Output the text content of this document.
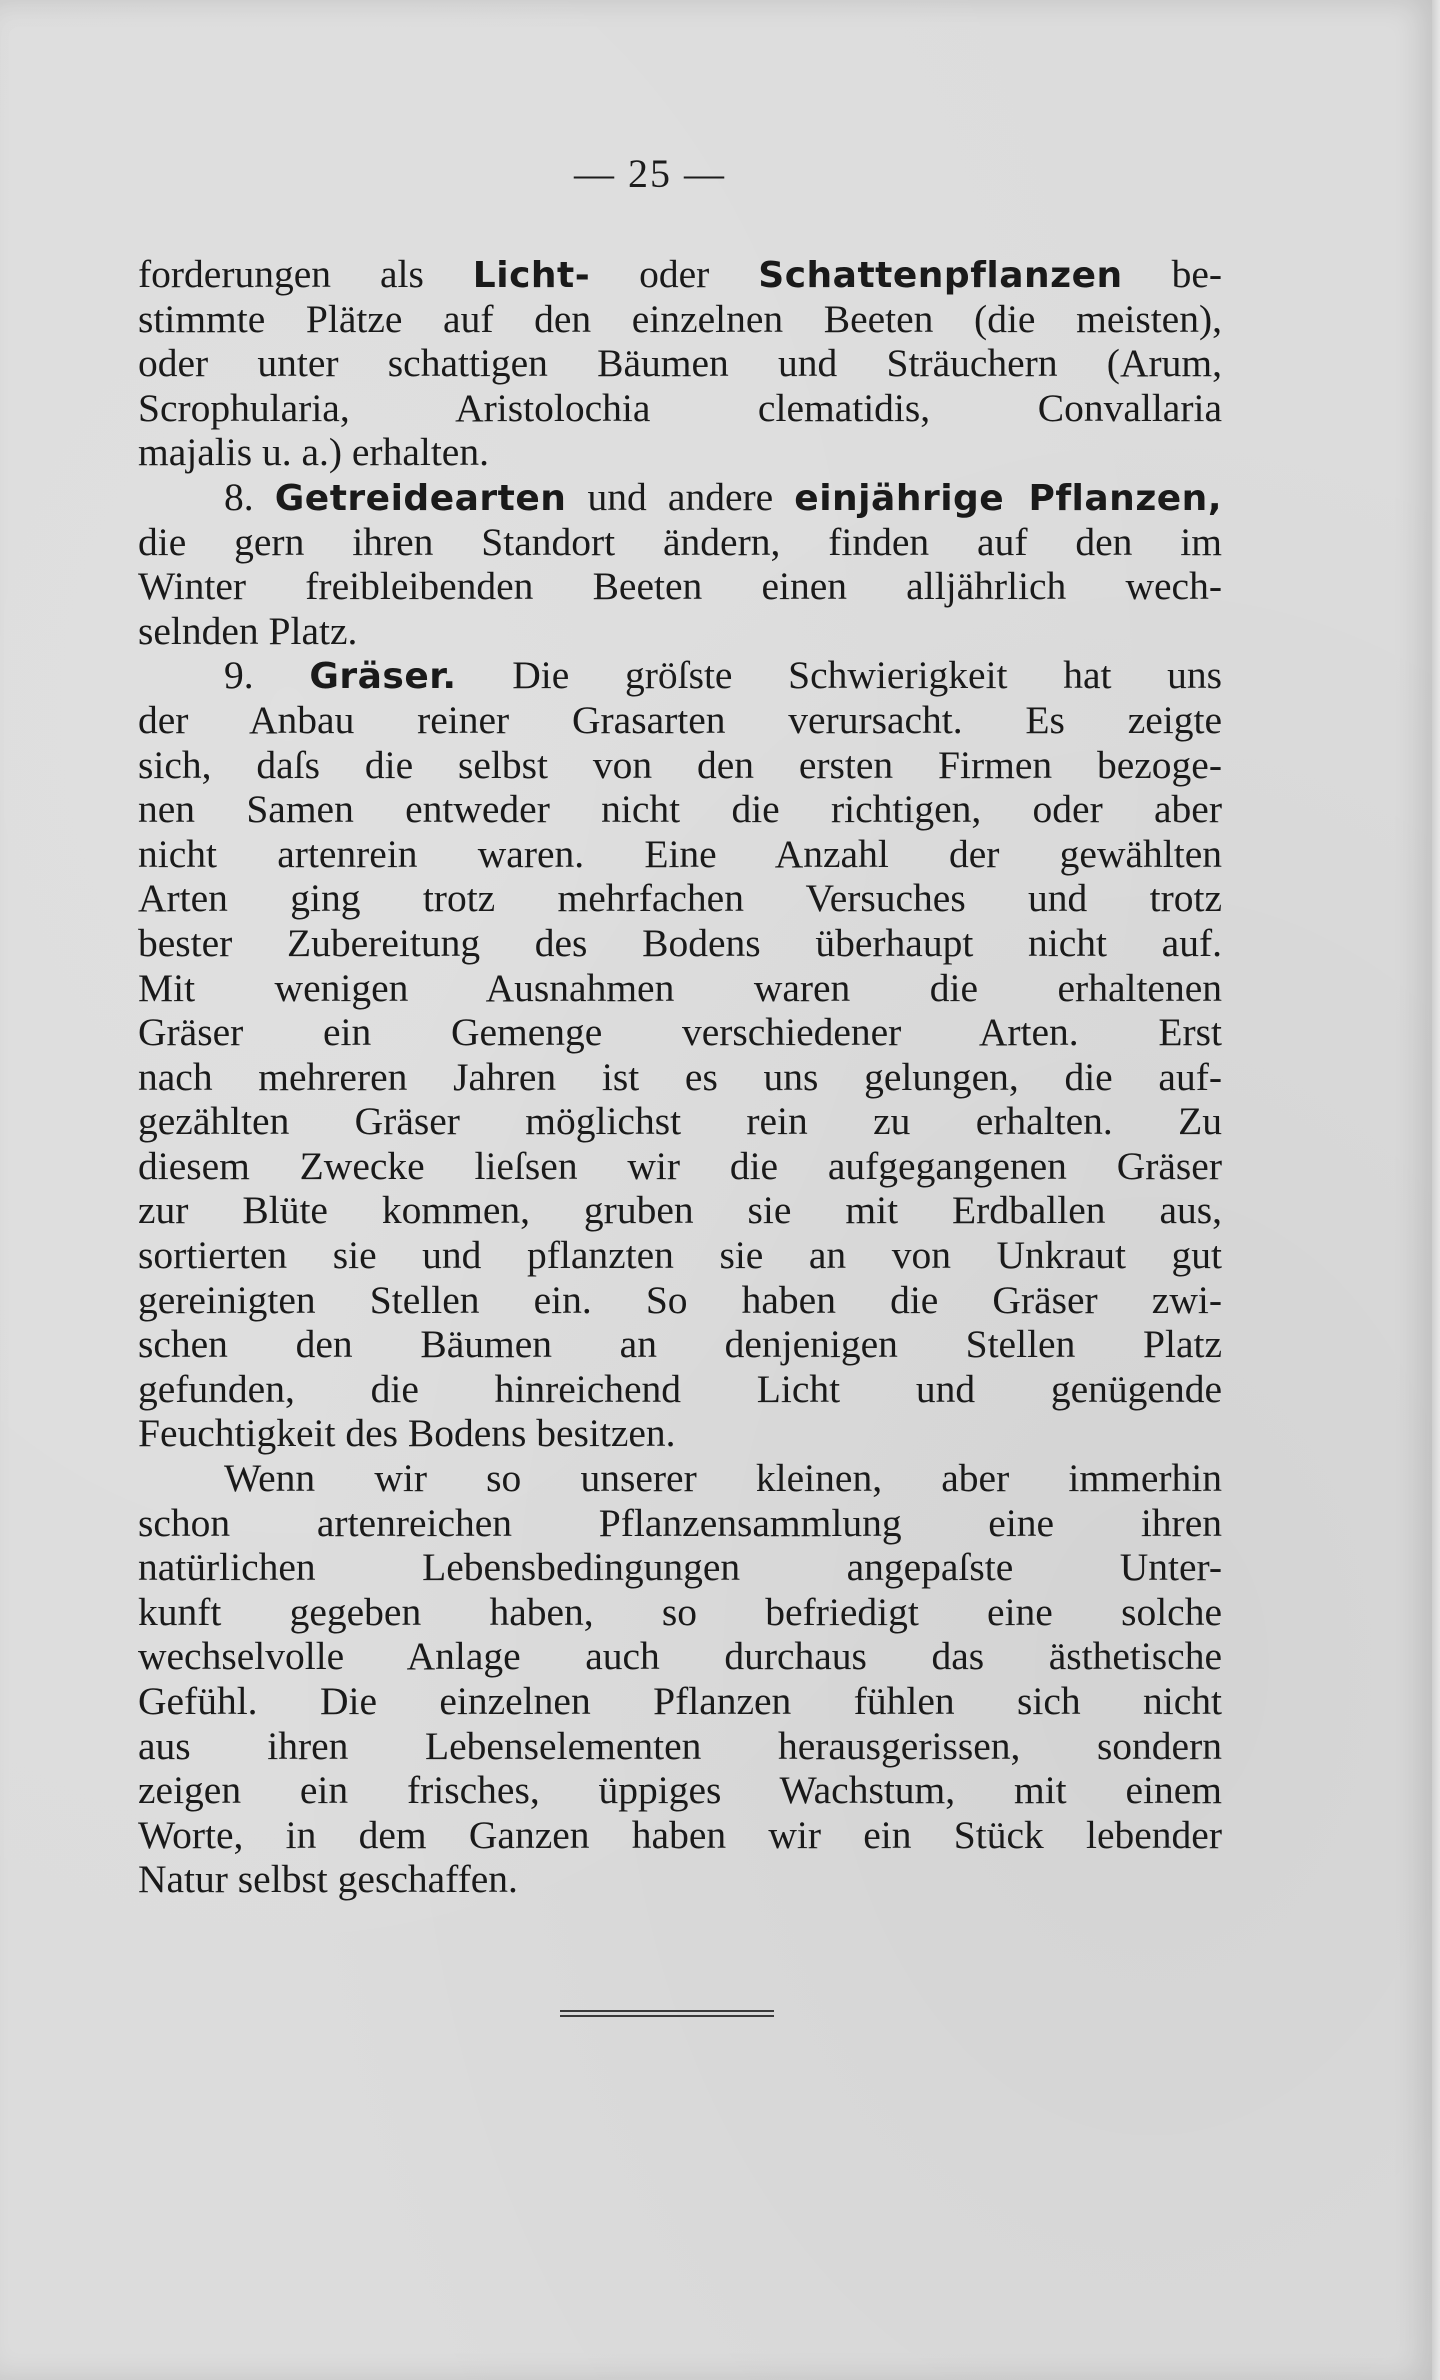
— 25 —
forderungen als Licht- oder Schattenpflanzen be-
stimmte Plätze auf den einzelnen Beeten (die meisten),
oder unter schattigen Bäumen und Sträuchern (Arum,
Scrophularia, Aristolochia clematidis, Convallaria
majalis u. a.) erhalten.
8. Getreidearten und andere einjährige Pflanzen,
die gern ihren Standort ändern, finden auf den im
Winter freibleibenden Beeten einen alljährlich wech-
selnden Platz.
9. Gräser. Die gröſste Schwierigkeit hat uns
der Anbau reiner Grasarten verursacht. Es zeigte
sich, daſs die selbst von den ersten Firmen bezoge-
nen Samen entweder nicht die richtigen, oder aber
nicht artenrein waren. Eine Anzahl der gewählten
Arten ging trotz mehrfachen Versuches und trotz
bester Zubereitung des Bodens überhaupt nicht auf.
Mit wenigen Ausnahmen waren die erhaltenen
Gräser ein Gemenge verschiedener Arten. Erst
nach mehreren Jahren ist es uns gelungen, die auf-
gezählten Gräser möglichst rein zu erhalten. Zu
diesem Zwecke lieſsen wir die aufgegangenen Gräser
zur Blüte kommen, gruben sie mit Erdballen aus,
sortierten sie und pflanzten sie an von Unkraut gut
gereinigten Stellen ein. So haben die Gräser zwi-
schen den Bäumen an denjenigen Stellen Platz
gefunden, die hinreichend Licht und genügende
Feuchtigkeit des Bodens besitzen.
Wenn wir so unserer kleinen, aber immerhin
schon artenreichen Pflanzensammlung eine ihren
natürlichen Lebensbedingungen angepaſste Unter-
kunft gegeben haben, so befriedigt eine solche
wechselvolle Anlage auch durchaus das ästhetische
Gefühl. Die einzelnen Pflanzen fühlen sich nicht
aus ihren Lebenselementen herausgerissen, sondern
zeigen ein frisches, üppiges Wachstum, mit einem
Worte, in dem Ganzen haben wir ein Stück lebender
Natur selbst geschaffen.
